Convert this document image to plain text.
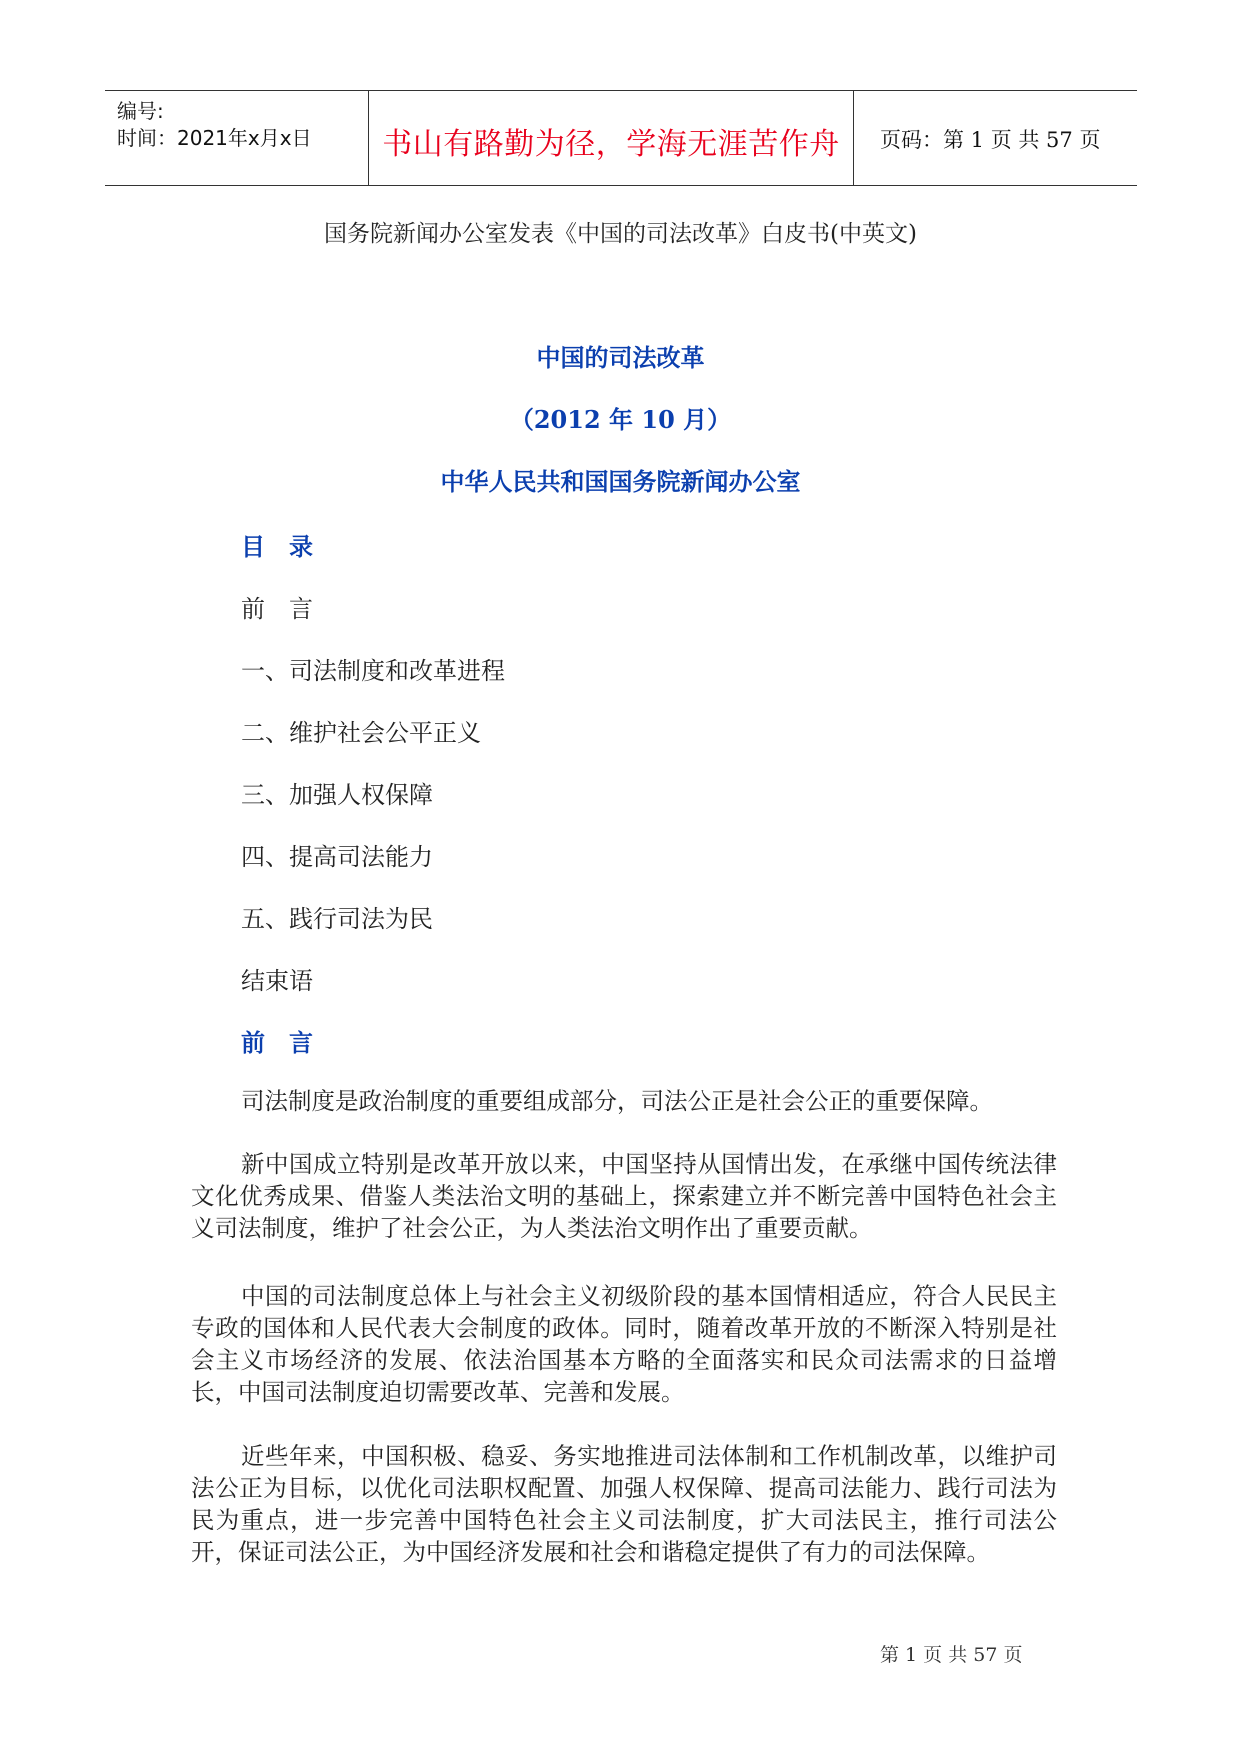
编号:
时间：2021年x月x日	书山有路勤为径，学海无涯苦作舟	页码：第 1 页 共 57 页
国务院新闻办公室发表《中国的司法改革》白皮书(中英文)
中国的司法改革
（2012 年 10 月）
中华人民共和国国务院新闻办公室
目　录
前　言
一、司法制度和改革进程
二、维护社会公平正义
三、加强人权保障
四、提高司法能力
五、践行司法为民
结束语
前　言
司法制度是政治制度的重要组成部分，司法公正是社会公正的重要保障。
新中国成立特别是改革开放以来，中国坚持从国情出发，在承继中国传统法律文化优秀成果、借鉴人类法治文明的基础上，探索建立并不断完善中国特色社会主义司法制度，维护了社会公正，为人类法治文明作出了重要贡献。
中国的司法制度总体上与社会主义初级阶段的基本国情相适应，符合人民民主专政的国体和人民代表大会制度的政体。同时，随着改革开放的不断深入特别是社会主义市场经济的发展、依法治国基本方略的全面落实和民众司法需求的日益增长，中国司法制度迫切需要改革、完善和发展。
近些年来，中国积极、稳妥、务实地推进司法体制和工作机制改革，以维护司法公正为目标，以优化司法职权配置、加强人权保障、提高司法能力、践行司法为民为重点，进一步完善中国特色社会主义司法制度，扩大司法民主，推行司法公开，保证司法公正，为中国经济发展和社会和谐稳定提供了有力的司法保障。
第 1 页 共 57 页
